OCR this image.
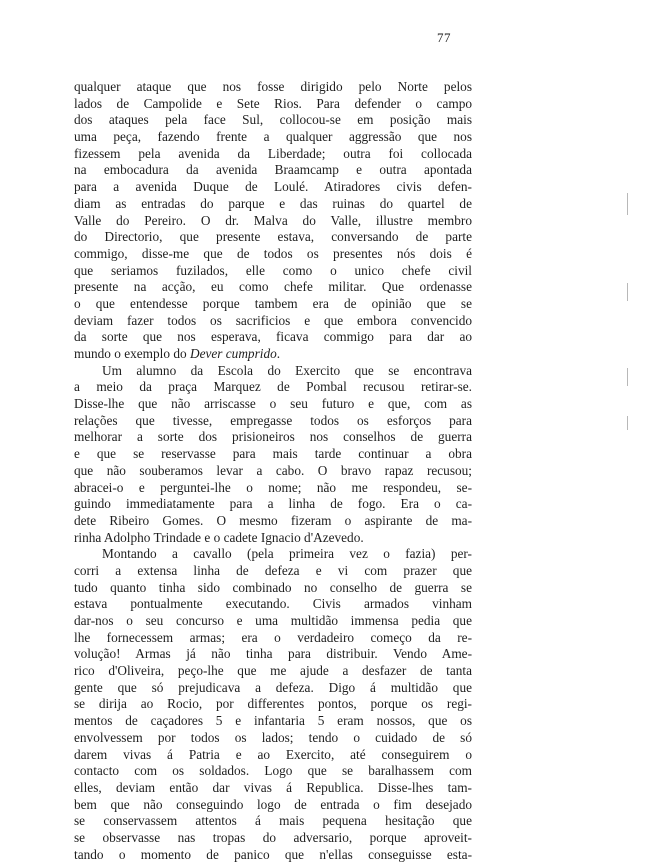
77
qualquer ataque que nos fosse dirigido pelo Norte pelos
lados de Campolide e Sete Rios. Para defender o campo
dos ataques pela face Sul, collocou-se em posição mais
uma peça, fazendo frente a qualquer aggressão que nos
fizessem pela avenida da Liberdade; outra foi collocada
na embocadura da avenida Braamcamp e outra apontada
para a avenida Duque de Loulé. Atiradores civis defen-
diam as entradas do parque e das ruinas do quartel de
Valle do Pereiro. O dr. Malva do Valle, illustre membro
do Directorio, que presente estava, conversando de parte
commigo, disse-me que de todos os presentes nós dois é
que seriamos fuzilados, elle como o unico chefe civil
presente na acção, eu como chefe militar. Que ordenasse
o que entendesse porque tambem era de opinião que se
deviam fazer todos os sacrificios e que embora convencido
da sorte que nos esperava, ficava commigo para dar ao
mundo o exemplo do Dever cumprido.
Um alumno da Escola do Exercito que se encontrava
a meio da praça Marquez de Pombal recusou retirar-se.
Disse-lhe que não arriscasse o seu futuro e que, com as
relações que tivesse, empregasse todos os esforços para
melhorar a sorte dos prisioneiros nos conselhos de guerra
e que se reservasse para mais tarde continuar a obra
que não souberamos levar a cabo. O bravo rapaz recusou;
abracei-o e perguntei-lhe o nome; não me respondeu, se-
guindo immediatamente para a linha de fogo. Era o ca-
dete Ribeiro Gomes. O mesmo fizeram o aspirante de ma-
rinha Adolpho Trindade e o cadete Ignacio d'Azevedo.
Montando a cavallo (pela primeira vez o fazia) per-
corri a extensa linha de defeza e vi com prazer que
tudo quanto tinha sido combinado no conselho de guerra se
estava pontualmente executando. Civis armados vinham
dar-nos o seu concurso e uma multidão immensa pedia que
lhe fornecessem armas; era o verdadeiro começo da re-
volução! Armas já não tinha para distribuir. Vendo Ame-
rico d'Oliveira, peço-lhe que me ajude a desfazer de tanta
gente que só prejudicava a defeza. Digo á multidão que
se dirija ao Rocio, por differentes pontos, porque os regi-
mentos de caçadores 5 e infantaria 5 eram nossos, que os
envolvessem por todos os lados; tendo o cuidado de só
darem vivas á Patria e ao Exercito, até conseguirem o
contacto com os soldados. Logo que se baralhassem com
elles, deviam então dar vivas á Republica. Disse-lhes tam-
bem que não conseguindo logo de entrada o fim desejado
se conservassem attentos á mais pequena hesitação que
se observasse nas tropas do adversario, porque aproveit-
tando o momento de panico que n'ellas conseguisse esta-
